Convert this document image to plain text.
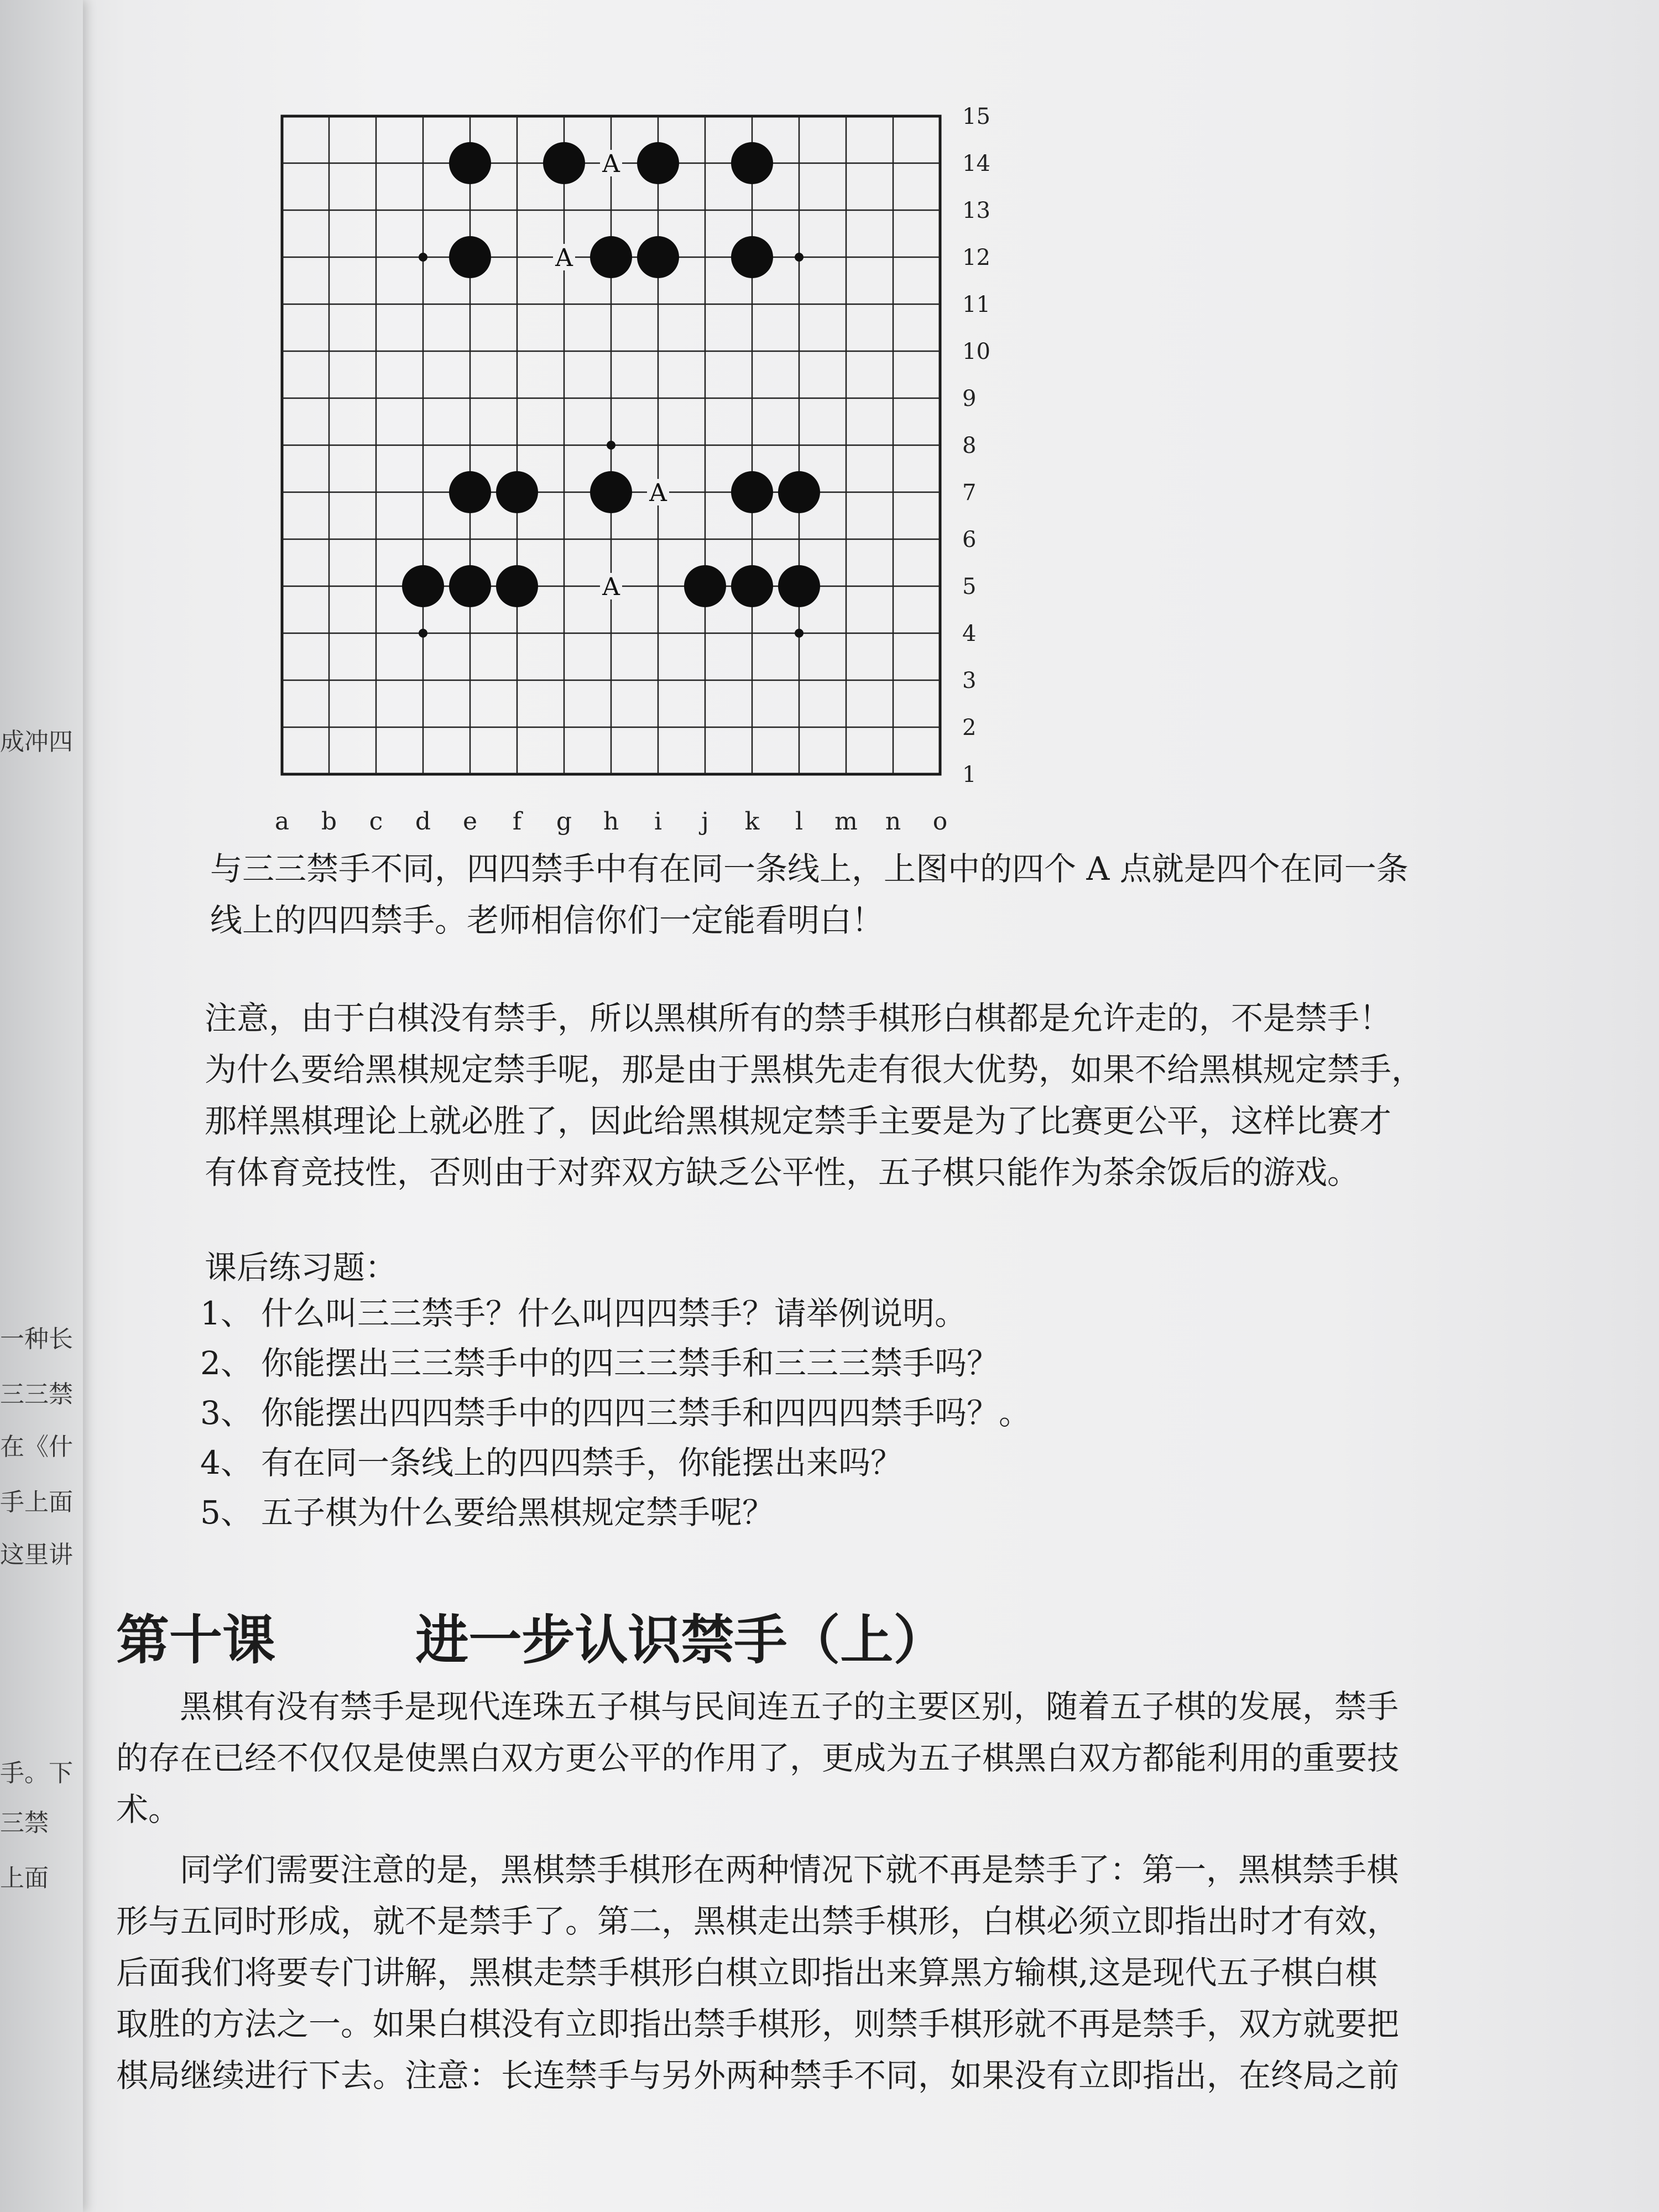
成冲四
一种长
三三禁
在《什
手上面
这里讲
手。下
三禁
上面
A
A
A
A
15
14
13
12
11
10
9
8
7
6
5
4
3
2
1
a b c d e f g h i j k l m n o
与三三禁手不同，四四禁手中有在同一条线上，上图中的四个 A 点就是四个在同一条
线上的四四禁手。老师相信你们一定能看明白！
注意，由于白棋没有禁手，所以黑棋所有的禁手棋形白棋都是允许走的，不是禁手！
为什么要给黑棋规定禁手呢，那是由于黑棋先走有很大优势，如果不给黑棋规定禁手，
那样黑棋理论上就必胜了，因此给黑棋规定禁手主要是为了比赛更公平，这样比赛才
有体育竞技性，否则由于对弈双方缺乏公平性，五子棋只能作为茶余饭后的游戏。
课后练习题：
1、 什么叫三三禁手？什么叫四四禁手？请举例说明。
2、 你能摆出三三禁手中的四三三禁手和三三三禁手吗？
3、 你能摆出四四禁手中的四四三禁手和四四四禁手吗？。
4、 有在同一条线上的四四禁手，你能摆出来吗？
5、 五子棋为什么要给黑棋规定禁手呢？
第十课	进一步认识禁手（上）
黑棋有没有禁手是现代连珠五子棋与民间连五子的主要区别，随着五子棋的发展，禁手
的存在已经不仅仅是使黑白双方更公平的作用了，更成为五子棋黑白双方都能利用的重要技
术。
同学们需要注意的是，黑棋禁手棋形在两种情况下就不再是禁手了：第一，黑棋禁手棋
形与五同时形成，就不是禁手了。第二，黑棋走出禁手棋形，白棋必须立即指出时才有效，
后面我们将要专门讲解，黑棋走禁手棋形白棋立即指出来算黑方输棋,这是现代五子棋白棋
取胜的方法之一。如果白棋没有立即指出禁手棋形，则禁手棋形就不再是禁手，双方就要把
棋局继续进行下去。注意：长连禁手与另外两种禁手不同，如果没有立即指出，在终局之前
